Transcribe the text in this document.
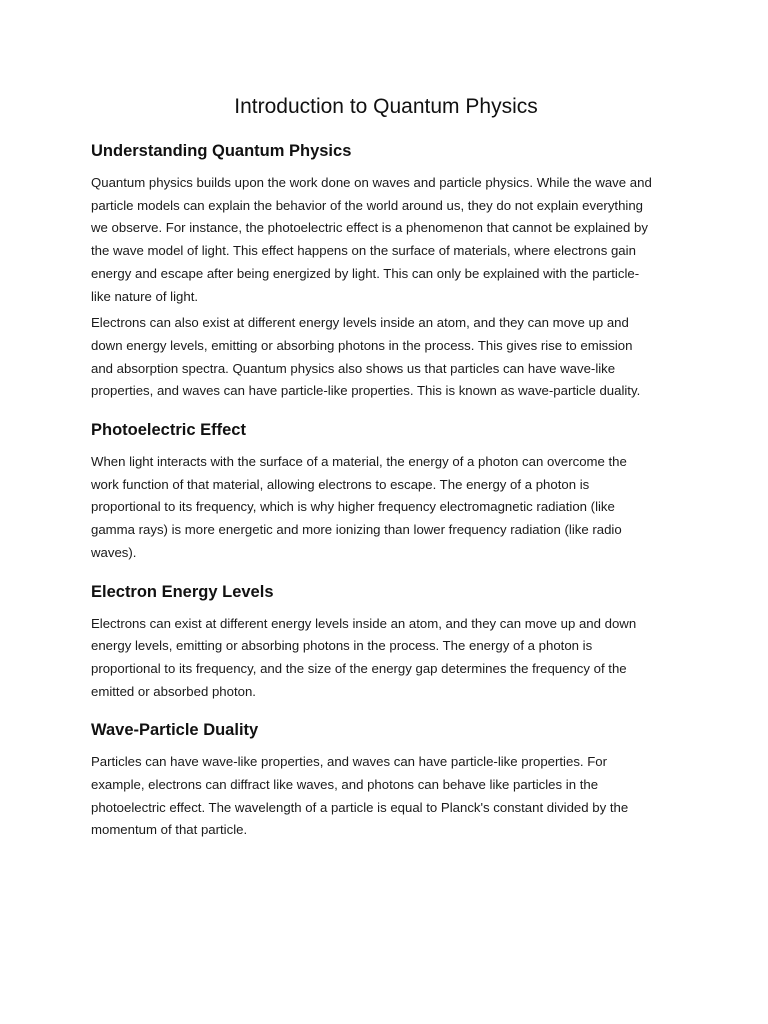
Introduction to Quantum Physics
Understanding Quantum Physics

Quantum physics builds upon the work done on waves and particle physics. While the wave and
particle models can explain the behavior of the world around us, they do not explain everything
we observe. For instance, the photoelectric effect is a phenomenon that cannot be explained by
the wave model of light. This effect happens on the surface of materials, where electrons gain
energy and escape after being energized by light. This can only be explained with the particle-
like nature of light.

Electrons can also exist at different energy levels inside an atom, and they can move up and
down energy levels, emitting or absorbing photons in the process. This gives rise to emission
and absorption spectra. Quantum physics also shows us that particles can have wave-like
properties, and waves can have particle-like properties. This is known as wave-particle duality.

Photoelectric Effect

When light interacts with the surface of a material, the energy of a photon can overcome the
work function of that material, allowing electrons to escape. The energy of a photon is
proportional to its frequency, which is why higher frequency electromagnetic radiation (like
gamma rays) is more energetic and more ionizing than lower frequency radiation (like radio
waves).

Electron Energy Levels

Electrons can exist at different energy levels inside an atom, and they can move up and down
energy levels, emitting or absorbing photons in the process. The energy of a photon is
proportional to its frequency, and the size of the energy gap determines the frequency of the
emitted or absorbed photon.

Wave-Particle Duality

Particles can have wave-like properties, and waves can have particle-like properties. For
example, electrons can diffract like waves, and photons can behave like particles in the
photoelectric effect. The wavelength of a particle is equal to Planck's constant divided by the
momentum of that particle.
